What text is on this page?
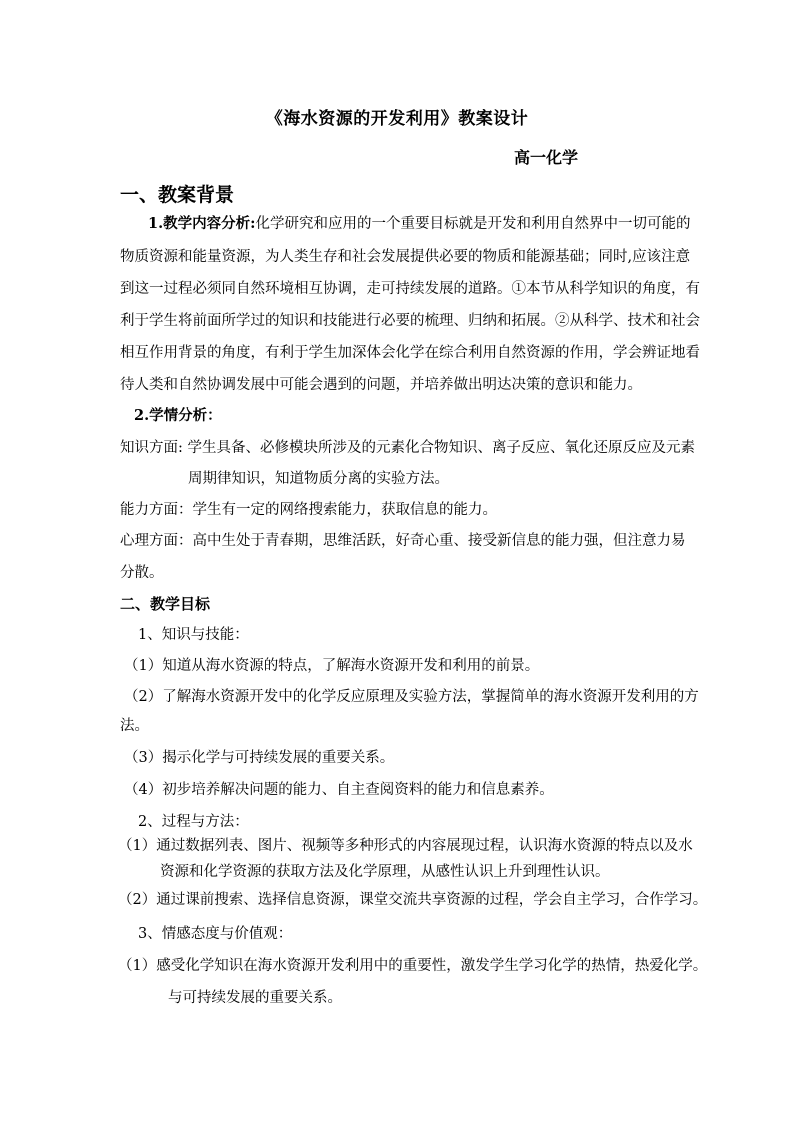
《海水资源的开发利用》教案设计
高一化学
一、教案背景
1.教学内容分析:化学研究和应用的一个重要目标就是开发和利用自然界中一切可能的
物质资源和能量资源，为人类生存和社会发展提供必要的物质和能源基础；同时,应该注意
到这一过程必须同自然环境相互协调，走可持续发展的道路。①本节从科学知识的角度，有
利于学生将前面所学过的知识和技能进行必要的梳理、归纳和拓展。②从科学、技术和社会
相互作用背景的角度，有利于学生加深体会化学在综合利用自然资源的作用，学会辨证地看
待人类和自然协调发展中可能会遇到的问题，并培养做出明达决策的意识和能力。
2.学情分析：
知识方面: 学生具备、必修模块所涉及的元素化合物知识、离子反应、氧化还原反应及元素
周期律知识，知道物质分离的实验方法。
能力方面：学生有一定的网络搜索能力，获取信息的能力。
心理方面：高中生处于青春期，思维活跃，好奇心重、接受新信息的能力强，但注意力易
分散。
二、教学目标
1、知识与技能：
（1）知道从海水资源的特点，了解海水资源开发和利用的前景。
（2）了解海水资源开发中的化学反应原理及实验方法，掌握简单的海水资源开发利用的方
法。
（3）揭示化学与可持续发展的重要关系。
（4）初步培养解决问题的能力、自主查阅资料的能力和信息素养。
2、过程与方法：
（1）通过数据列表、图片、视频等多种形式的内容展现过程，认识海水资源的特点以及水
资源和化学资源的获取方法及化学原理，从感性认识上升到理性认识。
（2）通过课前搜索、选择信息资源，课堂交流共享资源的过程，学会自主学习，合作学习。
3、情感态度与价值观：
（1）感受化学知识在海水资源开发利用中的重要性，激发学生学习化学的热情，热爱化学。
与可持续发展的重要关系。
